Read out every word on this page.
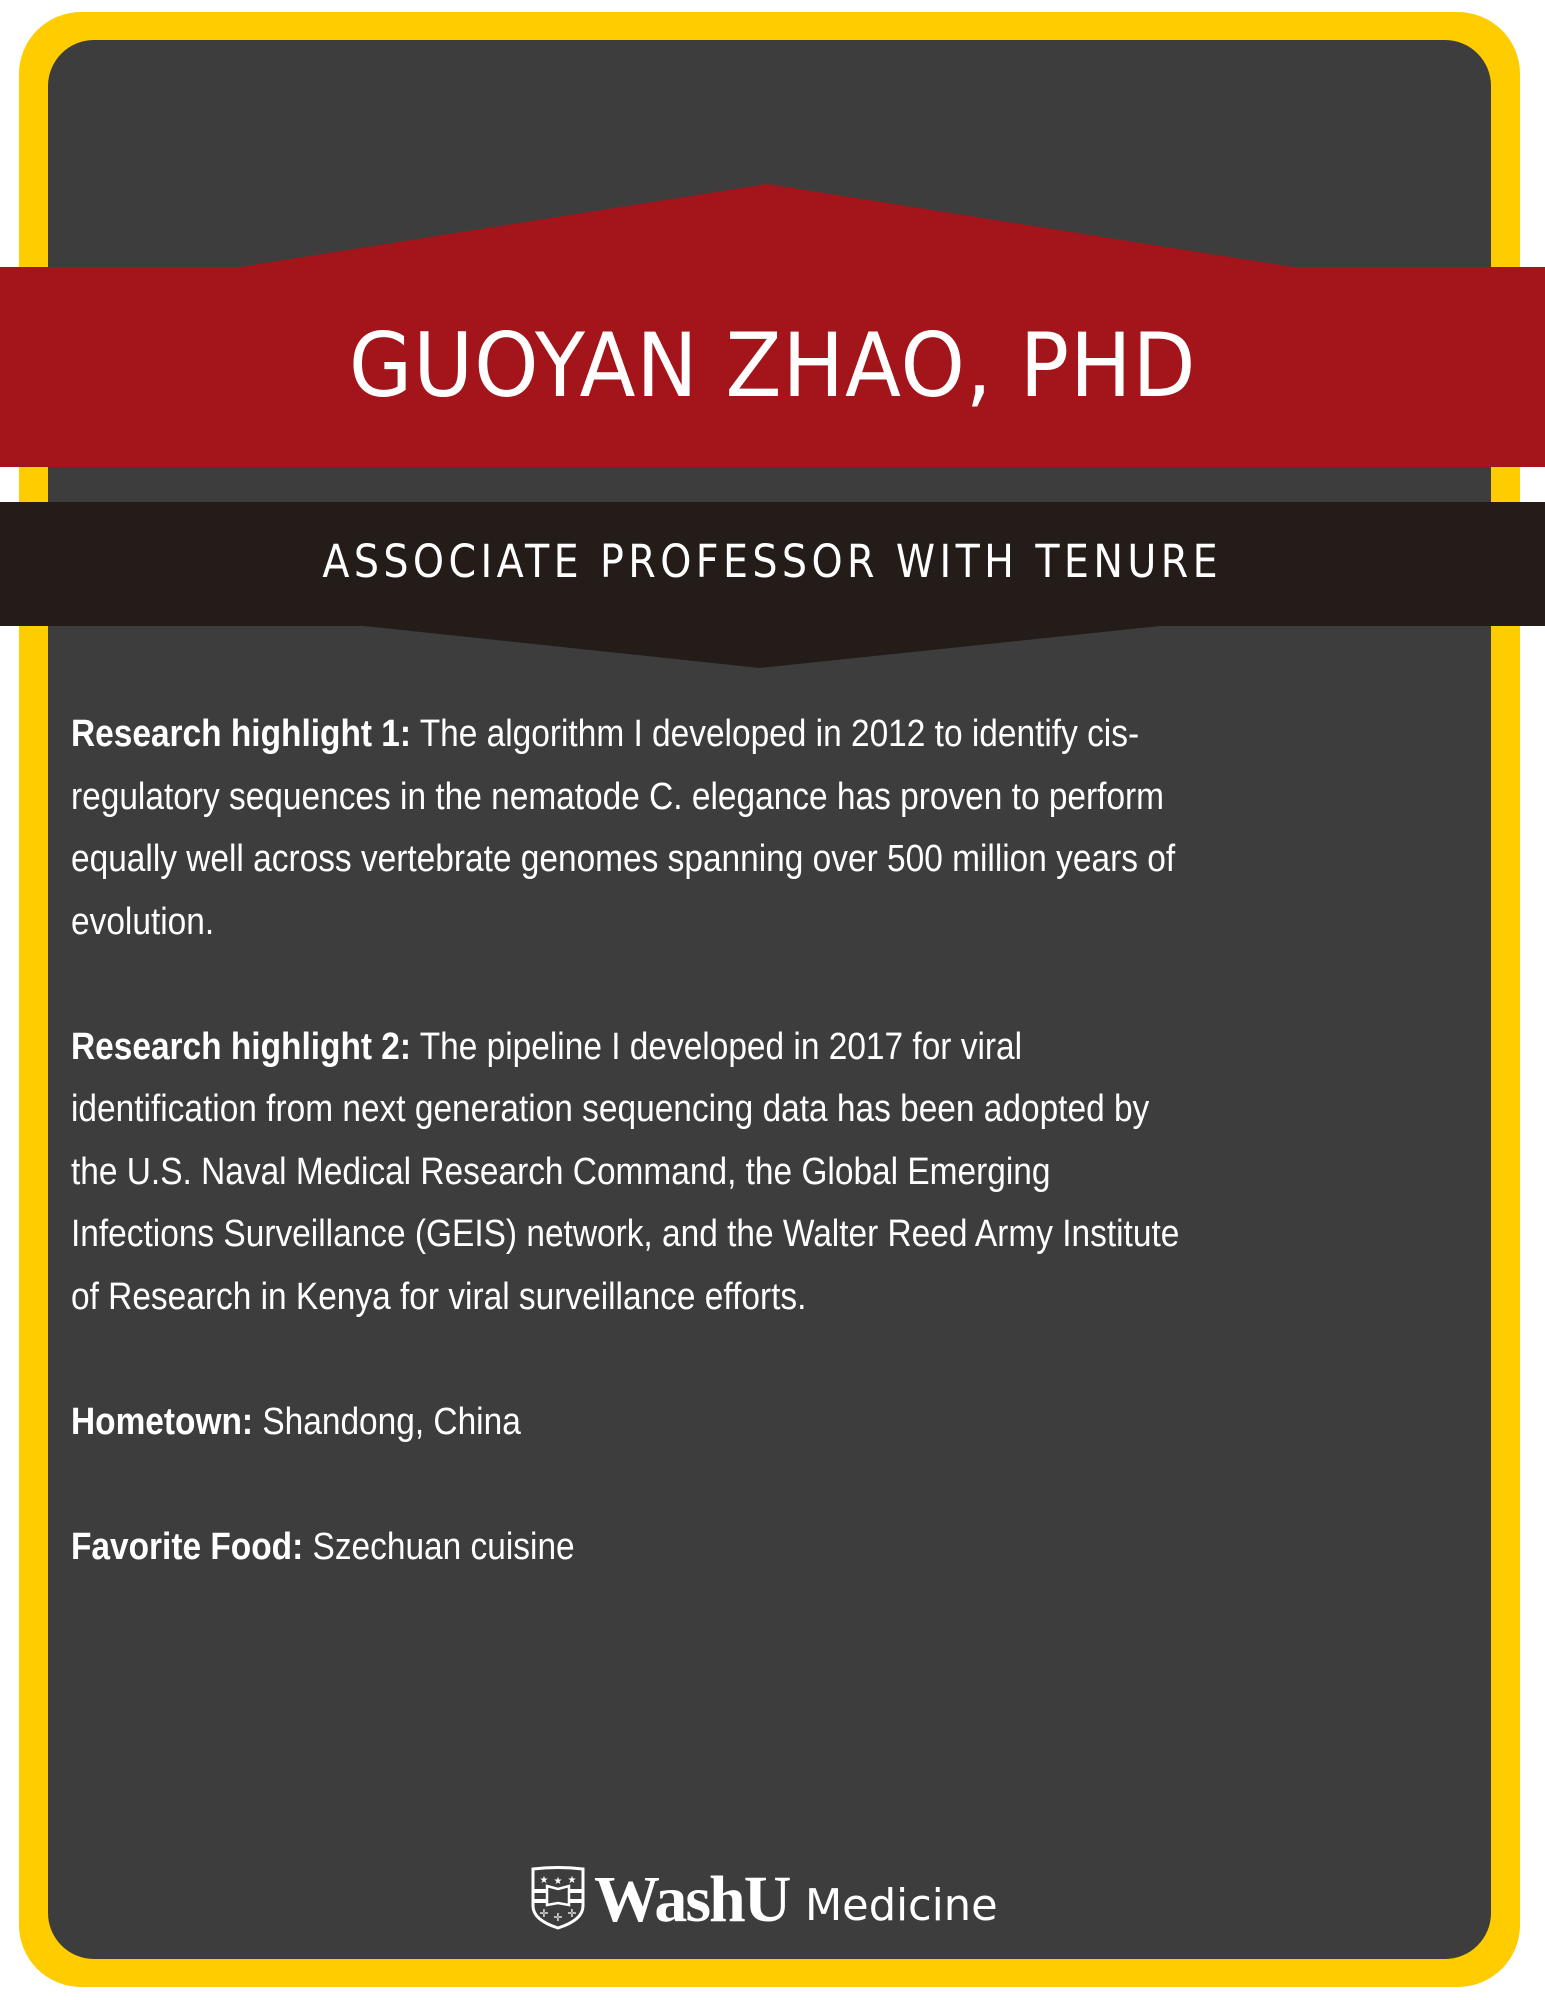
GUOYAN ZHAO, PHD
ASSOCIATE PROFESSOR WITH TENURE
Research highlight 1: The algorithm I developed in 2012 to identify cis-
regulatory sequences in the nematode C. elegance has proven to perform
equally well across vertebrate genomes spanning over 500 million years of
evolution.
Research highlight 2: The pipeline I developed in 2017 for viral
identification from next generation sequencing data has been adopted by
the U.S. Naval Medical Research Command, the Global Emerging
Infections Surveillance (GEIS) network, and the Walter Reed Army Institute
of Research in Kenya for viral surveillance efforts.
Hometown: Shandong, China
Favorite Food: Szechuan cuisine
★ ★ ★
✛ ✛ ✛ WashU Medicine
